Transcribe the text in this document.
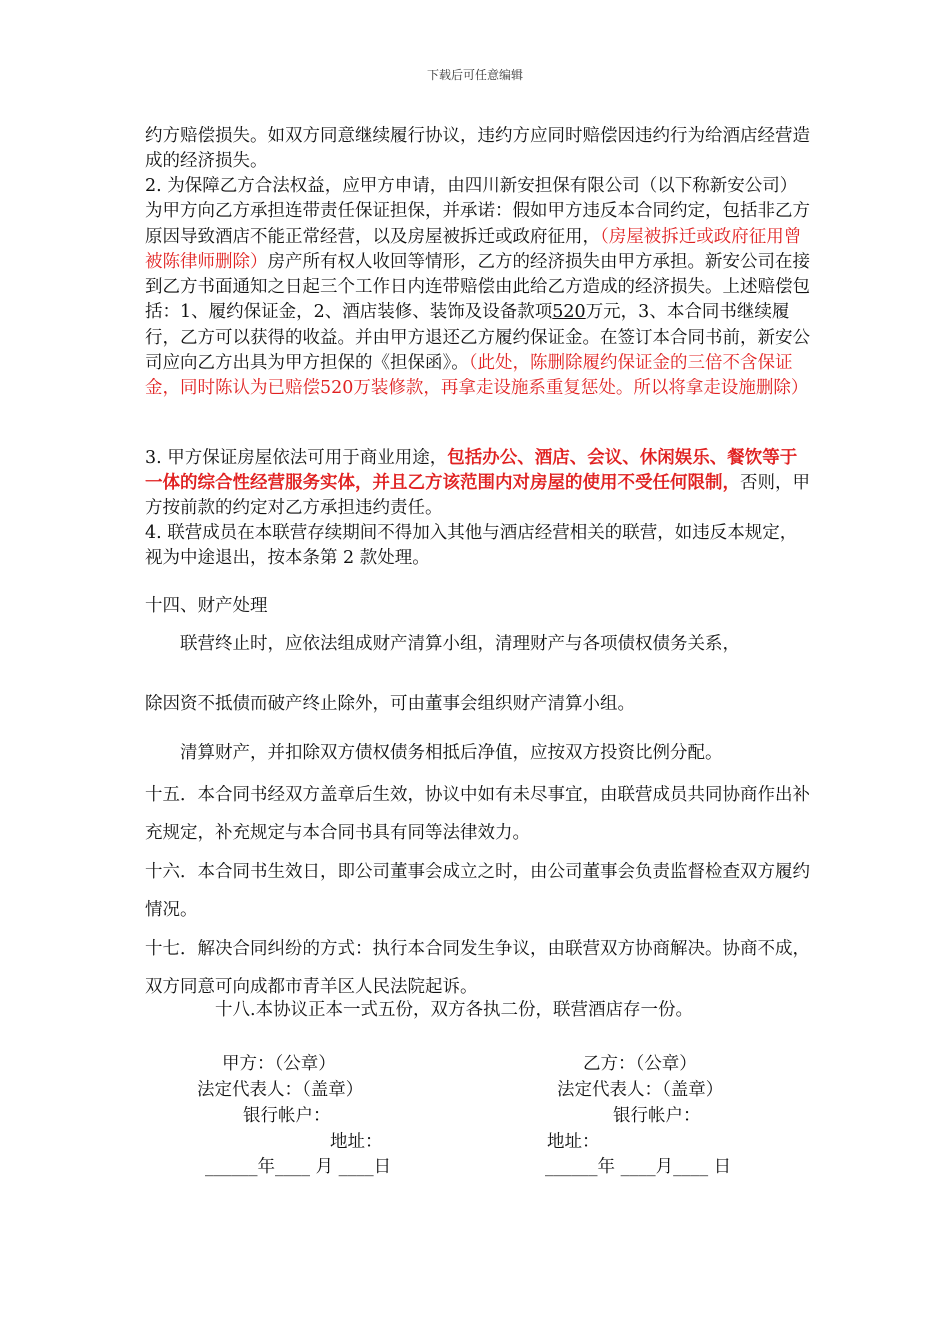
下载后可任意编辑
约方赔偿损失。如双方同意继续履行协议，违约方应同时赔偿因违约行为给酒店经营造成的经济损失。
2. 为保障乙方合法权益，应甲方申请，由四川新安担保有限公司（以下称新安公司）为甲方向乙方承担连带责任保证担保，并承诺：假如甲方违反本合同约定，包括非乙方原因导致酒店不能正常经营，以及房屋被拆迁或政府征用，（房屋被拆迁或政府征用曾被陈律师删除）房产所有权人收回等情形，乙方的经济损失由甲方承担。新安公司在接到乙方书面通知之日起三个工作日内连带赔偿由此给乙方造成的经济损失。上述赔偿包括：1、履约保证金，2、酒店装修、装饰及设备款项520万元，3、本合同书继续履行，乙方可以获得的收益。并由甲方退还乙方履约保证金。在签订本合同书前，新安公司应向乙方出具为甲方担保的《担保函》。（此处，陈删除履约保证金的三倍不含保证金，同时陈认为已赔偿520万装修款，再拿走设施系重复惩处。所以将拿走设施删除）
3. 甲方保证房屋依法可用于商业用途，包括办公、酒店、会议、休闲娱乐、餐饮等于一体的综合性经营服务实体，并且乙方该范围内对房屋的使用不受任何限制，否则，甲方按前款的约定对乙方承担违约责任。
4. 联营成员在本联营存续期间不得加入其他与酒店经营相关的联营，如违反本规定，视为中途退出，按本条第 2 款处理。
十四、财产处理
联营终止时，应依法组成财产清算小组，清理财产与各项债权债务关系，
除因资不抵债而破产终止除外，可由董事会组织财产清算小组。
清算财产，并扣除双方债权债务相抵后净值，应按双方投资比例分配。
十五．本合同书经双方盖章后生效，协议中如有未尽事宜，由联营成员共同协商作出补充规定，补充规定与本合同书具有同等法律效力。
十六．本合同书生效日，即公司董事会成立之时，由公司董事会负责监督检查双方履约情况。
十七．解决合同纠纷的方式：执行本合同发生争议，由联营双方协商解决。协商不成，双方同意可向成都市青羊区人民法院起诉。
十八.本协议正本一式五份，双方各执二份，联营酒店存一份。
甲方：（公章）
法定代表人：（盖章）
银行帐户：
地址：
______年____ 月 ____日
乙方：（公章）
法定代表人：（盖章）
银行帐户：
地址：
______年 ____月____ 日
